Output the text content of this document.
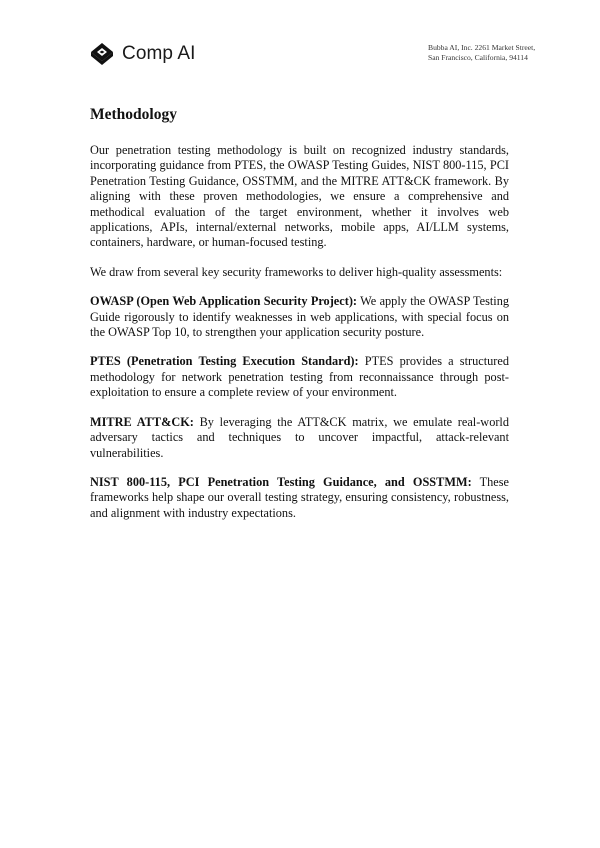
Comp AI	Bubba AI, Inc. 2261 Market Street,
San Francisco, California, 94114
Methodology

Our penetration testing methodology is built on recognized industry standards, incorporating guidance from PTES, the OWASP Testing Guides, NIST 800-115, PCI Penetration Testing Guidance, OSSTMM, and the MITRE ATT&CK framework. By aligning with these proven methodologies, we ensure a comprehensive and methodical evaluation of the target environment, whether it involves web applications, APIs, internal/external networks, mobile apps, AI/LLM systems, containers, hardware, or human-focused testing.

We draw from several key security frameworks to deliver high-quality assessments:

OWASP (Open Web Application Security Project): We apply the OWASP Testing Guide rigorously to identify weaknesses in web applications, with special focus on the OWASP Top 10, to strengthen your application security posture.

PTES (Penetration Testing Execution Standard): PTES provides a structured methodology for network penetration testing from reconnaissance through post-exploitation to ensure a complete review of your environment.

MITRE ATT&CK: By leveraging the ATT&CK matrix, we emulate real-world adversary tactics and techniques to uncover impactful, attack-relevant vulnerabilities.

NIST 800-115, PCI Penetration Testing Guidance, and OSSTMM: These frameworks help shape our overall testing strategy, ensuring consistency, robustness, and alignment with industry expectations.
